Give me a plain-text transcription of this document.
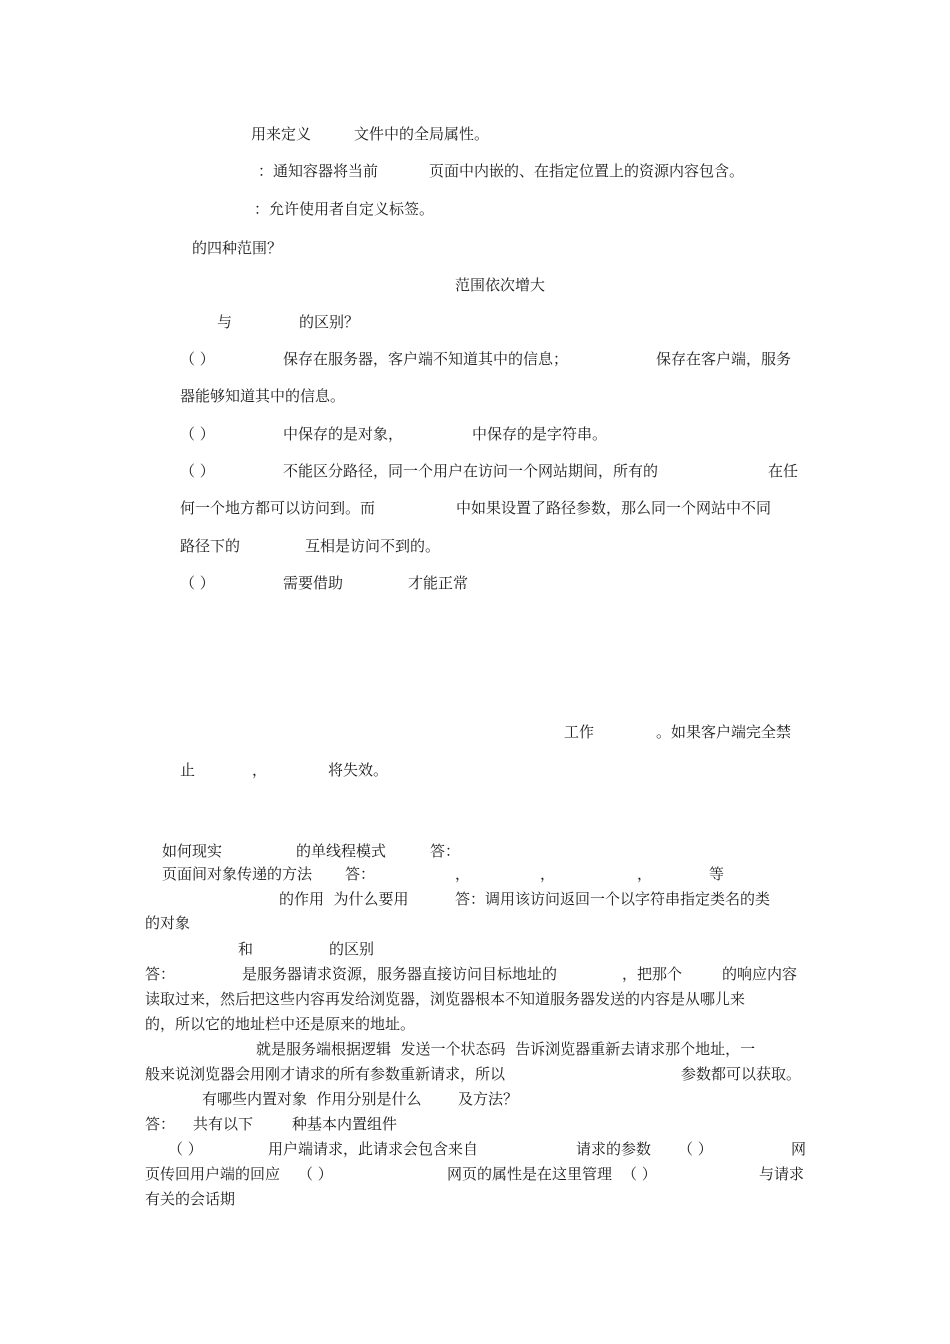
用来定义	文件中的全局属性。
：通知容器将当前	页面中内嵌的、在指定位置上的资源内容包含。
：允许使用者自定义标签。
的四种范围？
范围依次增大
与	的区别？
（ ）	保存在服务器，客户端不知道其中的信息；	保存在客户端，服务
器能够知道其中的信息。
（ ）	中保存的是对象，	中保存的是字符串。
（ ）	不能区分路径，同一个用户在访问一个网站期间，所有的	在任
何一个地方都可以访问到。而	中如果设置了路径参数，那么同一个网站中不同
路径下的	互相是访问不到的。
（ ）	需要借助	才能正常
工作	。如果客户端完全禁
止	，	将失效。
如何现实	的单线程模式	答：
页面间对象传递的方法 答：	，	，	，	等
的作用  为什么要用	答：调用该访问返回一个以字符串指定类名的类
的对象
和	的区别
答：	是服务器请求资源，服务器直接访问目标地址的	，把那个	的响应内容
读取过来，然后把这些内容再发给浏览器，浏览器根本不知道服务器发送的内容是从哪儿来
的，所以它的地址栏中还是原来的地址。
就是服务端根据逻辑  发送一个状态码  告诉浏览器重新去请求那个地址，一
般来说浏览器会用刚才请求的所有参数重新请求，所以	参数都可以获取。
有哪些内置对象  作用分别是什么 及方法？
答： 共有以下	种基本内置组件
（ ）	用户端请求，此请求会包含来自	请求的参数 （ ）	网
页传回用户端的回应 （ ）	网页的属性是在这里管理 （ ）	与请求
有关的会话期
